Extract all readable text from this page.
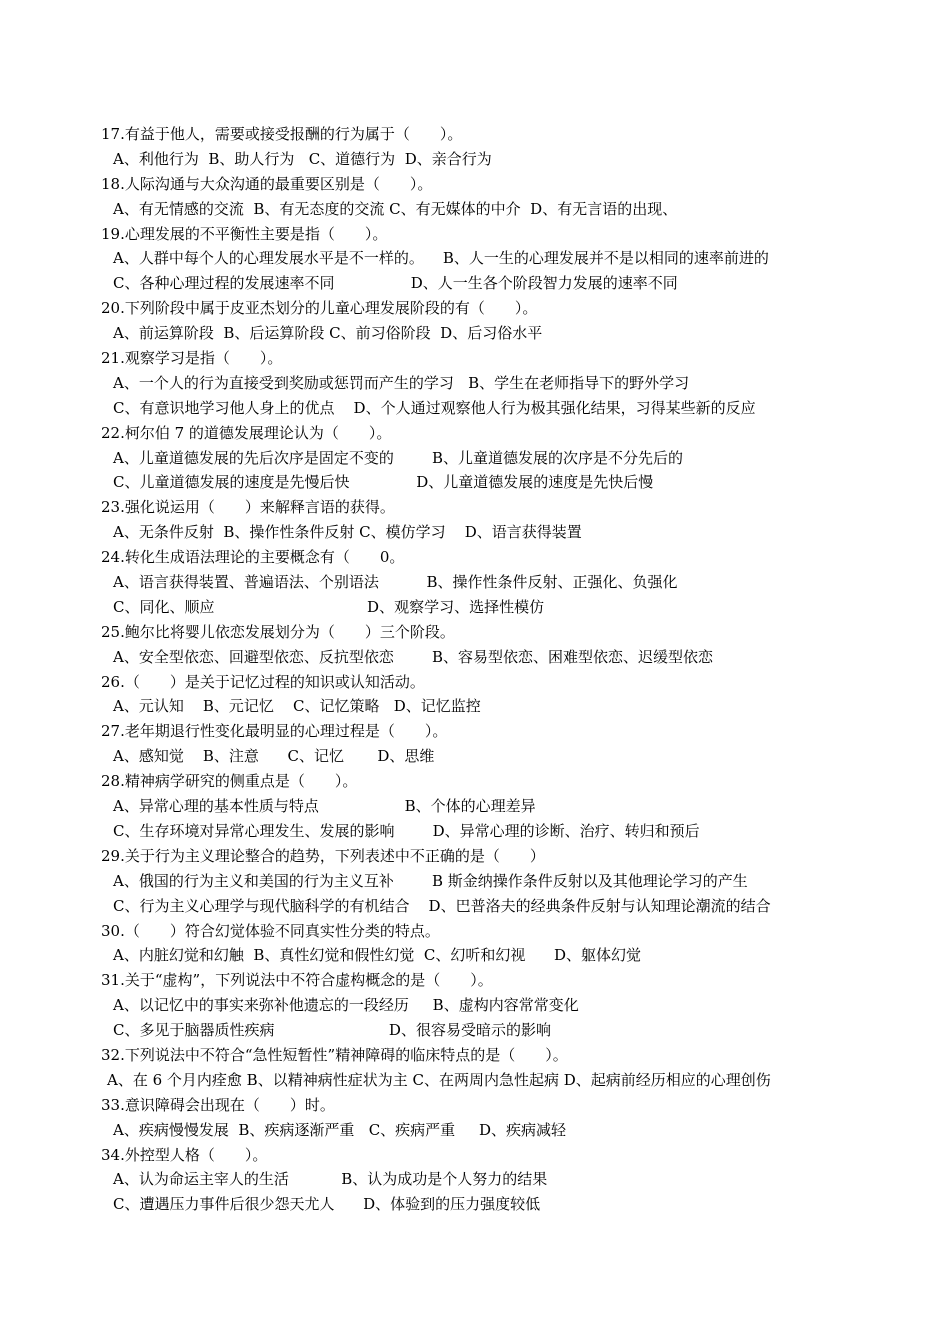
17.有益于他人，需要或接受报酬的行为属于（　　）。
A、利他行为  B、助人行为   C、道德行为  D、亲合行为
18.人际沟通与大众沟通的最重要区别是（　　）。
A、有无情感的交流  B、有无态度的交流 C、有无媒体的中介  D、有无言语的出现、
19.心理发展的不平衡性主要是指（　　）。
A、人群中每个人的心理发展水平是不一样的。    B、人一生的心理发展并不是以相同的速率前进的
C、各种心理过程的发展速率不同                D、人一生各个阶段智力发展的速率不同
20.下列阶段中属于皮亚杰划分的儿童心理发展阶段的有（　　）。
A、前运算阶段  B、后运算阶段 C、前习俗阶段  D、后习俗水平
21.观察学习是指（　　）。
A、一个人的行为直接受到奖励或惩罚而产生的学习   B、学生在老师指导下的野外学习
C、有意识地学习他人身上的优点    D、个人通过观察他人行为极其强化结果，习得某些新的反应
22.柯尔伯 7 的道德发展理论认为（　　）。
A、儿童道德发展的先后次序是固定不变的        B、儿童道德发展的次序是不分先后的
C、儿童道德发展的速度是先慢后快              D、儿童道德发展的速度是先快后慢
23.强化说运用（　　）来解释言语的获得。
A、无条件反射  B、操作性条件反射 C、模仿学习    D、语言获得装置
24.转化生成语法理论的主要概念有（　　0。
A、语言获得装置、普遍语法、个别语法          B、操作性条件反射、正强化、负强化
C、同化、顺应                                D、观察学习、选择性模仿
25.鲍尔比将婴儿依恋发展划分为（　　）三个阶段。
A、安全型依恋、回避型依恋、反抗型依恋        B、容易型依恋、困难型依恋、迟缓型依恋
26.（　　）是关于记忆过程的知识或认知活动。
A、元认知    B、元记忆    C、记忆策略   D、记忆监控
27.老年期退行性变化最明显的心理过程是（　　）。
A、感知觉    B、注意      C、记忆       D、思维
28.精神病学研究的侧重点是（　　）。
A、异常心理的基本性质与特点                  B、个体的心理差异
C、生存环境对异常心理发生、发展的影响        D、异常心理的诊断、治疗、转归和预后
29.关于行为主义理论整合的趋势，下列表述中不正确的是（　　）
A、俄国的行为主义和美国的行为主义互补        B 斯金纳操作条件反射以及其他理论学习的产生
C、行为主义心理学与现代脑科学的有机结合    D、巴普洛夫的经典条件反射与认知理论潮流的结合
30.（　　）符合幻觉体验不同真实性分类的特点。
A、内脏幻觉和幻触  B、真性幻觉和假性幻觉  C、幻听和幻视      D、躯体幻觉
31.关于“虚构”，下列说法中不符合虚构概念的是（　　）。
A、以记忆中的事实来弥补他遗忘的一段经历     B、虚构内容常常变化
C、多见于脑器质性疾病                        D、很容易受暗示的影响
32.下列说法中不符合“急性短暂性”精神障碍的临床特点的是（　　）。
A、在 6 个月内痊愈 B、以精神病性症状为主 C、在两周内急性起病 D、起病前经历相应的心理创伤
33.意识障碍会出现在（　　）时。
A、疾病慢慢发展  B、疾病逐渐严重   C、疾病严重     D、疾病减轻
34.外控型人格（　　）。
A、认为命运主宰人的生活           B、认为成功是个人努力的结果
C、遭遇压力事件后很少怨天尤人      D、体验到的压力强度较低
